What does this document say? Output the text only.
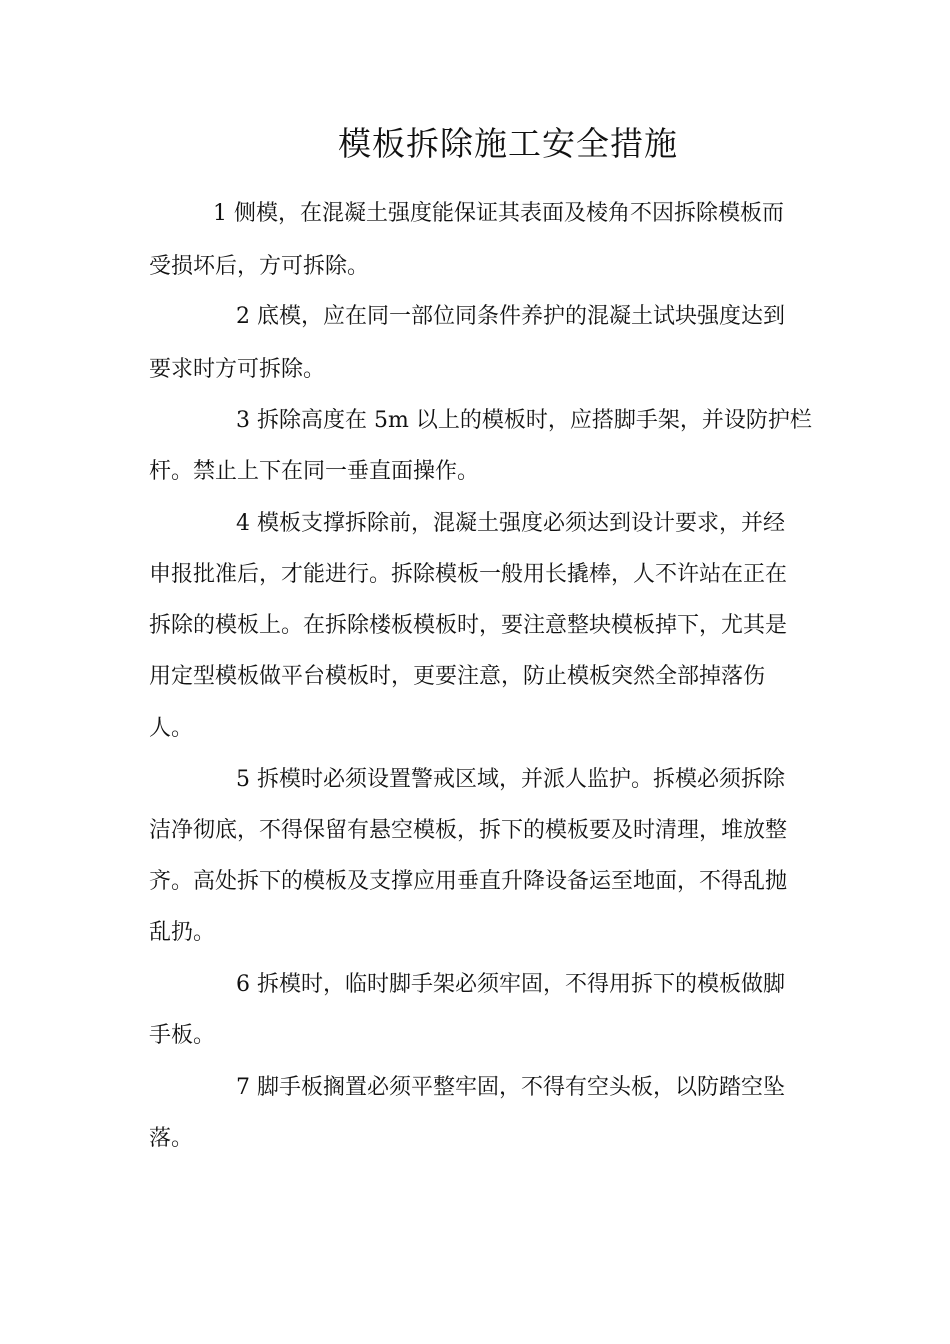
模板拆除施工安全措施
1 侧模，在混凝土强度能保证其表面及棱角不因拆除模板而
受损坏后，方可拆除。
2 底模，应在同一部位同条件养护的混凝土试块强度达到
要求时方可拆除。
3 拆除高度在 5m 以上的模板时，应搭脚手架，并设防护栏
杆。禁止上下在同一垂直面操作。
4 模板支撑拆除前，混凝土强度必须达到设计要求，并经
申报批准后，才能进行。拆除模板一般用长撬棒，人不许站在正在
拆除的模板上。在拆除楼板模板时，要注意整块模板掉下，尤其是
用定型模板做平台模板时，更要注意，防止模板突然全部掉落伤
人。
5 拆模时必须设置警戒区域，并派人监护。拆模必须拆除
洁净彻底，不得保留有悬空模板，拆下的模板要及时清理，堆放整
齐。高处拆下的模板及支撑应用垂直升降设备运至地面，不得乱抛
乱扔。
6 拆模时，临时脚手架必须牢固，不得用拆下的模板做脚
手板。
7 脚手板搁置必须平整牢固，不得有空头板，以防踏空坠
落。
